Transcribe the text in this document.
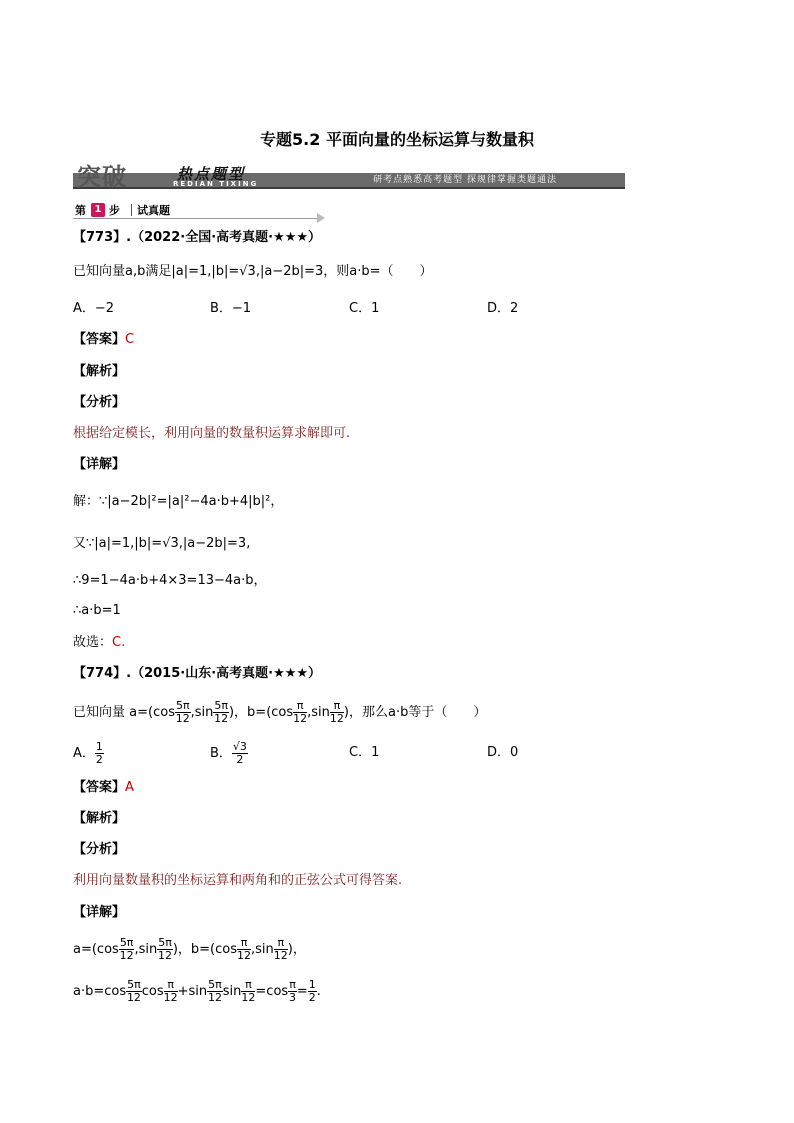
专题5.2 平面向量的坐标运算与数量积
突破	热点题型
REDIAN TIXING	研考点熟悉高考题型 探规律掌握类题通法
第 1 步 试真题
【773】.（2022·全国·高考真题·★★★）
已知向量a,b满足|a|=1,|b|=√3,|a−2b|=3，则a·b=（　　）
A．−2	B．−1	C．1	D．2
【答案】C
【解析】
【分析】
根据给定模长，利用向量的数量积运算求解即可.
【详解】
解：∵|a−2b|²=|a|²−4a·b+4|b|²，
又∵|a|=1,|b|=√3,|a−2b|=3,
∴9=1−4a·b+4×3=13−4a·b，
∴a·b=1
故选：C.
【774】.（2015·山东·高考真题·★★★）
已知向量 $a=(\cos \frac{5\pi}{12} ,\sin \frac{5\pi}{12}$ )，$b=(\cos \frac{\pi}{12} ,\sin \frac{\pi}{12}$ )，那么a·b等于（　　）
A． $\frac{1}{2}$	B． $\frac{√3}{2}$	C．1	D．0
【答案】A
【解析】
【分析】
利用向量数量积的坐标运算和两角和的正弦公式可得答案.
【详解】
$a=(\cos \frac{5\pi}{12} ,\sin \frac{5\pi}{12}$ )，$b=(\cos \frac{\pi}{12} ,\sin \frac{\pi}{12}$ )，
$a\cdot b=\cos \frac{5\pi}{12}$ $\cos \frac{\pi}{12} +\sin \frac{5\pi}{12}$ $\sin \frac{\pi}{12} =\cos \frac{\pi}{3} = \frac{1}{2}$ .
